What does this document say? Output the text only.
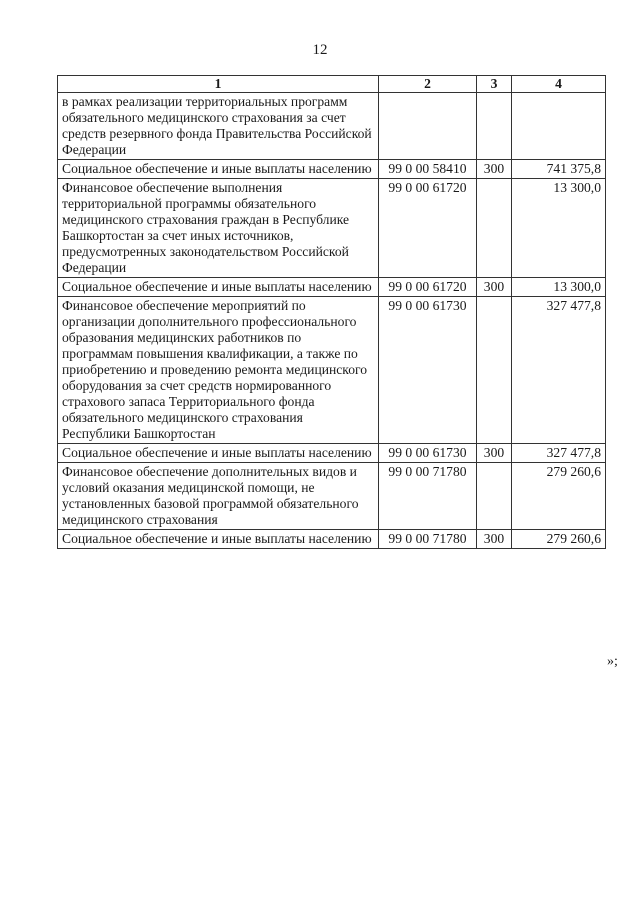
12
1	2	3	4
в рамках реализации территориальных программ обязательного медицинского страхования за счет средств резервного фонда Правительства Российской Федерации			
Социальное обеспечение и иные выплаты населению	99 0 00 58410	300	741 375,8
Финансовое обеспечение выполнения территориальной программы обязательного медицинского страхования граждан в Республике Башкортостан за счет иных источников, предусмотренных законодательством Российской Федерации	99 0 00 61720		13 300,0
Социальное обеспечение и иные выплаты населению	99 0 00 61720	300	13 300,0
Финансовое обеспечение мероприятий по организации дополнительного профессионального образования медицинских работников по программам повышения квалификации, а также по приобретению и проведению ремонта медицинского оборудования за счет средств нормированного страхового запаса Территориального фонда обязательного медицинского страхования Республики Башкортостан	99 0 00 61730		327 477,8
Социальное обеспечение и иные выплаты населению	99 0 00 61730	300	327 477,8
Финансовое обеспечение дополнительных видов и условий оказания медицинской помощи, не установленных базовой программой обязательного медицинского страхования	99 0 00 71780		279 260,6
Социальное обеспечение и иные выплаты населению	99 0 00 71780	300	279 260,6
»;
